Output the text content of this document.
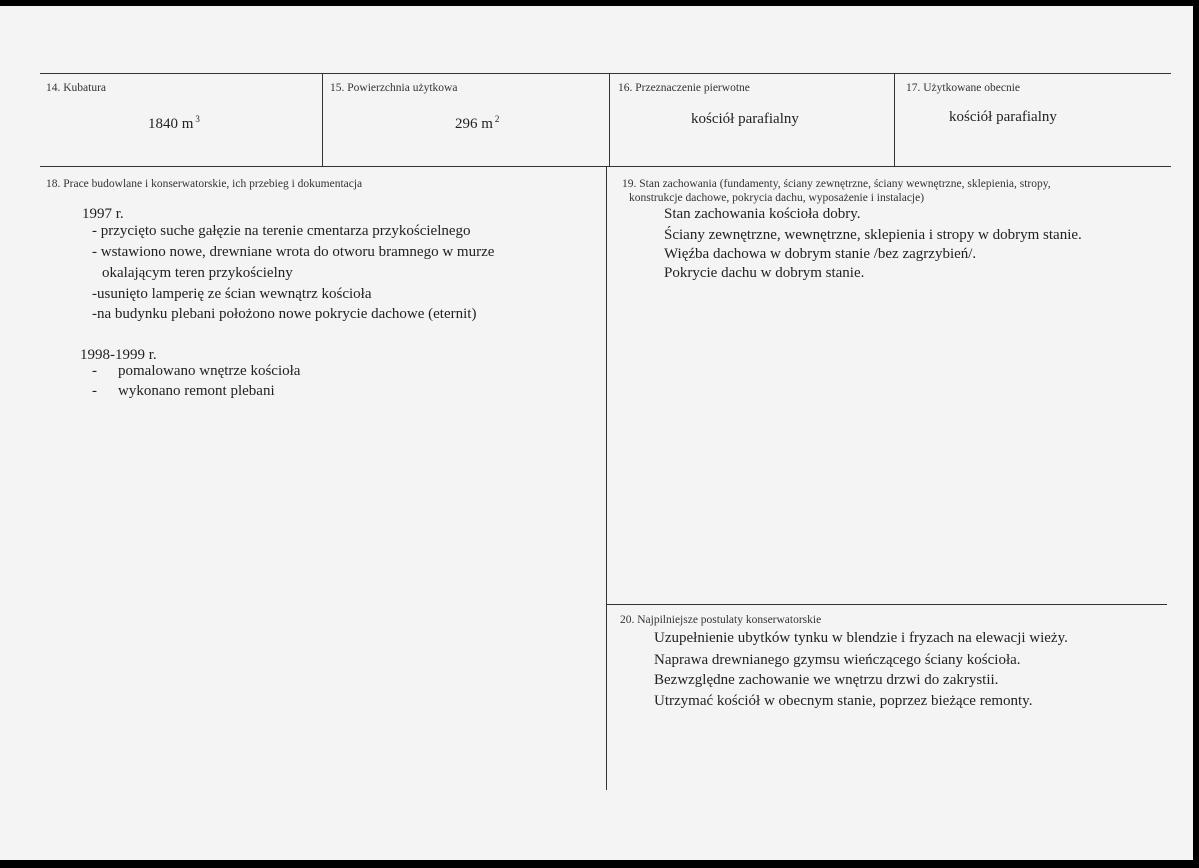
14. Kubatura
1840 m $^3$
15. Powierzchnia użytkowa
296 m $^2$
16. Przeznaczenie pierwotne
kościół parafialny
17. Użytkowane obecnie
kościół parafialny
18. Prace budowlane i konserwatorskie, ich przebieg i dokumentacja
1997 r.
- przycięto suche gałęzie na terenie cmentarza przykościelnego
- wstawiono nowe, drewniane wrota do otworu bramnego w murze
okalającym teren przykościelny
-usunięto lamperię ze ścian wewnątrz kościoła
-na budynku plebani położono nowe pokrycie dachowe (eternit)
1998-1999 r.
- pomalowano wnętrze kościoła
- wykonano remont plebani
19. Stan zachowania (fundamenty, ściany zewnętrzne, ściany wewnętrzne, sklepienia, stropy,
konstrukcje dachowe, pokrycia dachu, wyposażenie i instalacje)
Stan zachowania kościoła dobry.
Ściany zewnętrzne, wewnętrzne, sklepienia i stropy w dobrym stanie.
Więźba dachowa w dobrym stanie /bez zagrzybień/.
Pokrycie dachu w dobrym stanie.
20. Najpilniejsze postulaty konserwatorskie
Uzupełnienie ubytków tynku w blendzie i fryzach na elewacji wieży.
Naprawa drewnianego gzymsu wieńczącego ściany kościoła.
Bezwzględne zachowanie we wnętrzu drzwi do zakrystii.
Utrzymać kościół w obecnym stanie, poprzez bieżące remonty.
